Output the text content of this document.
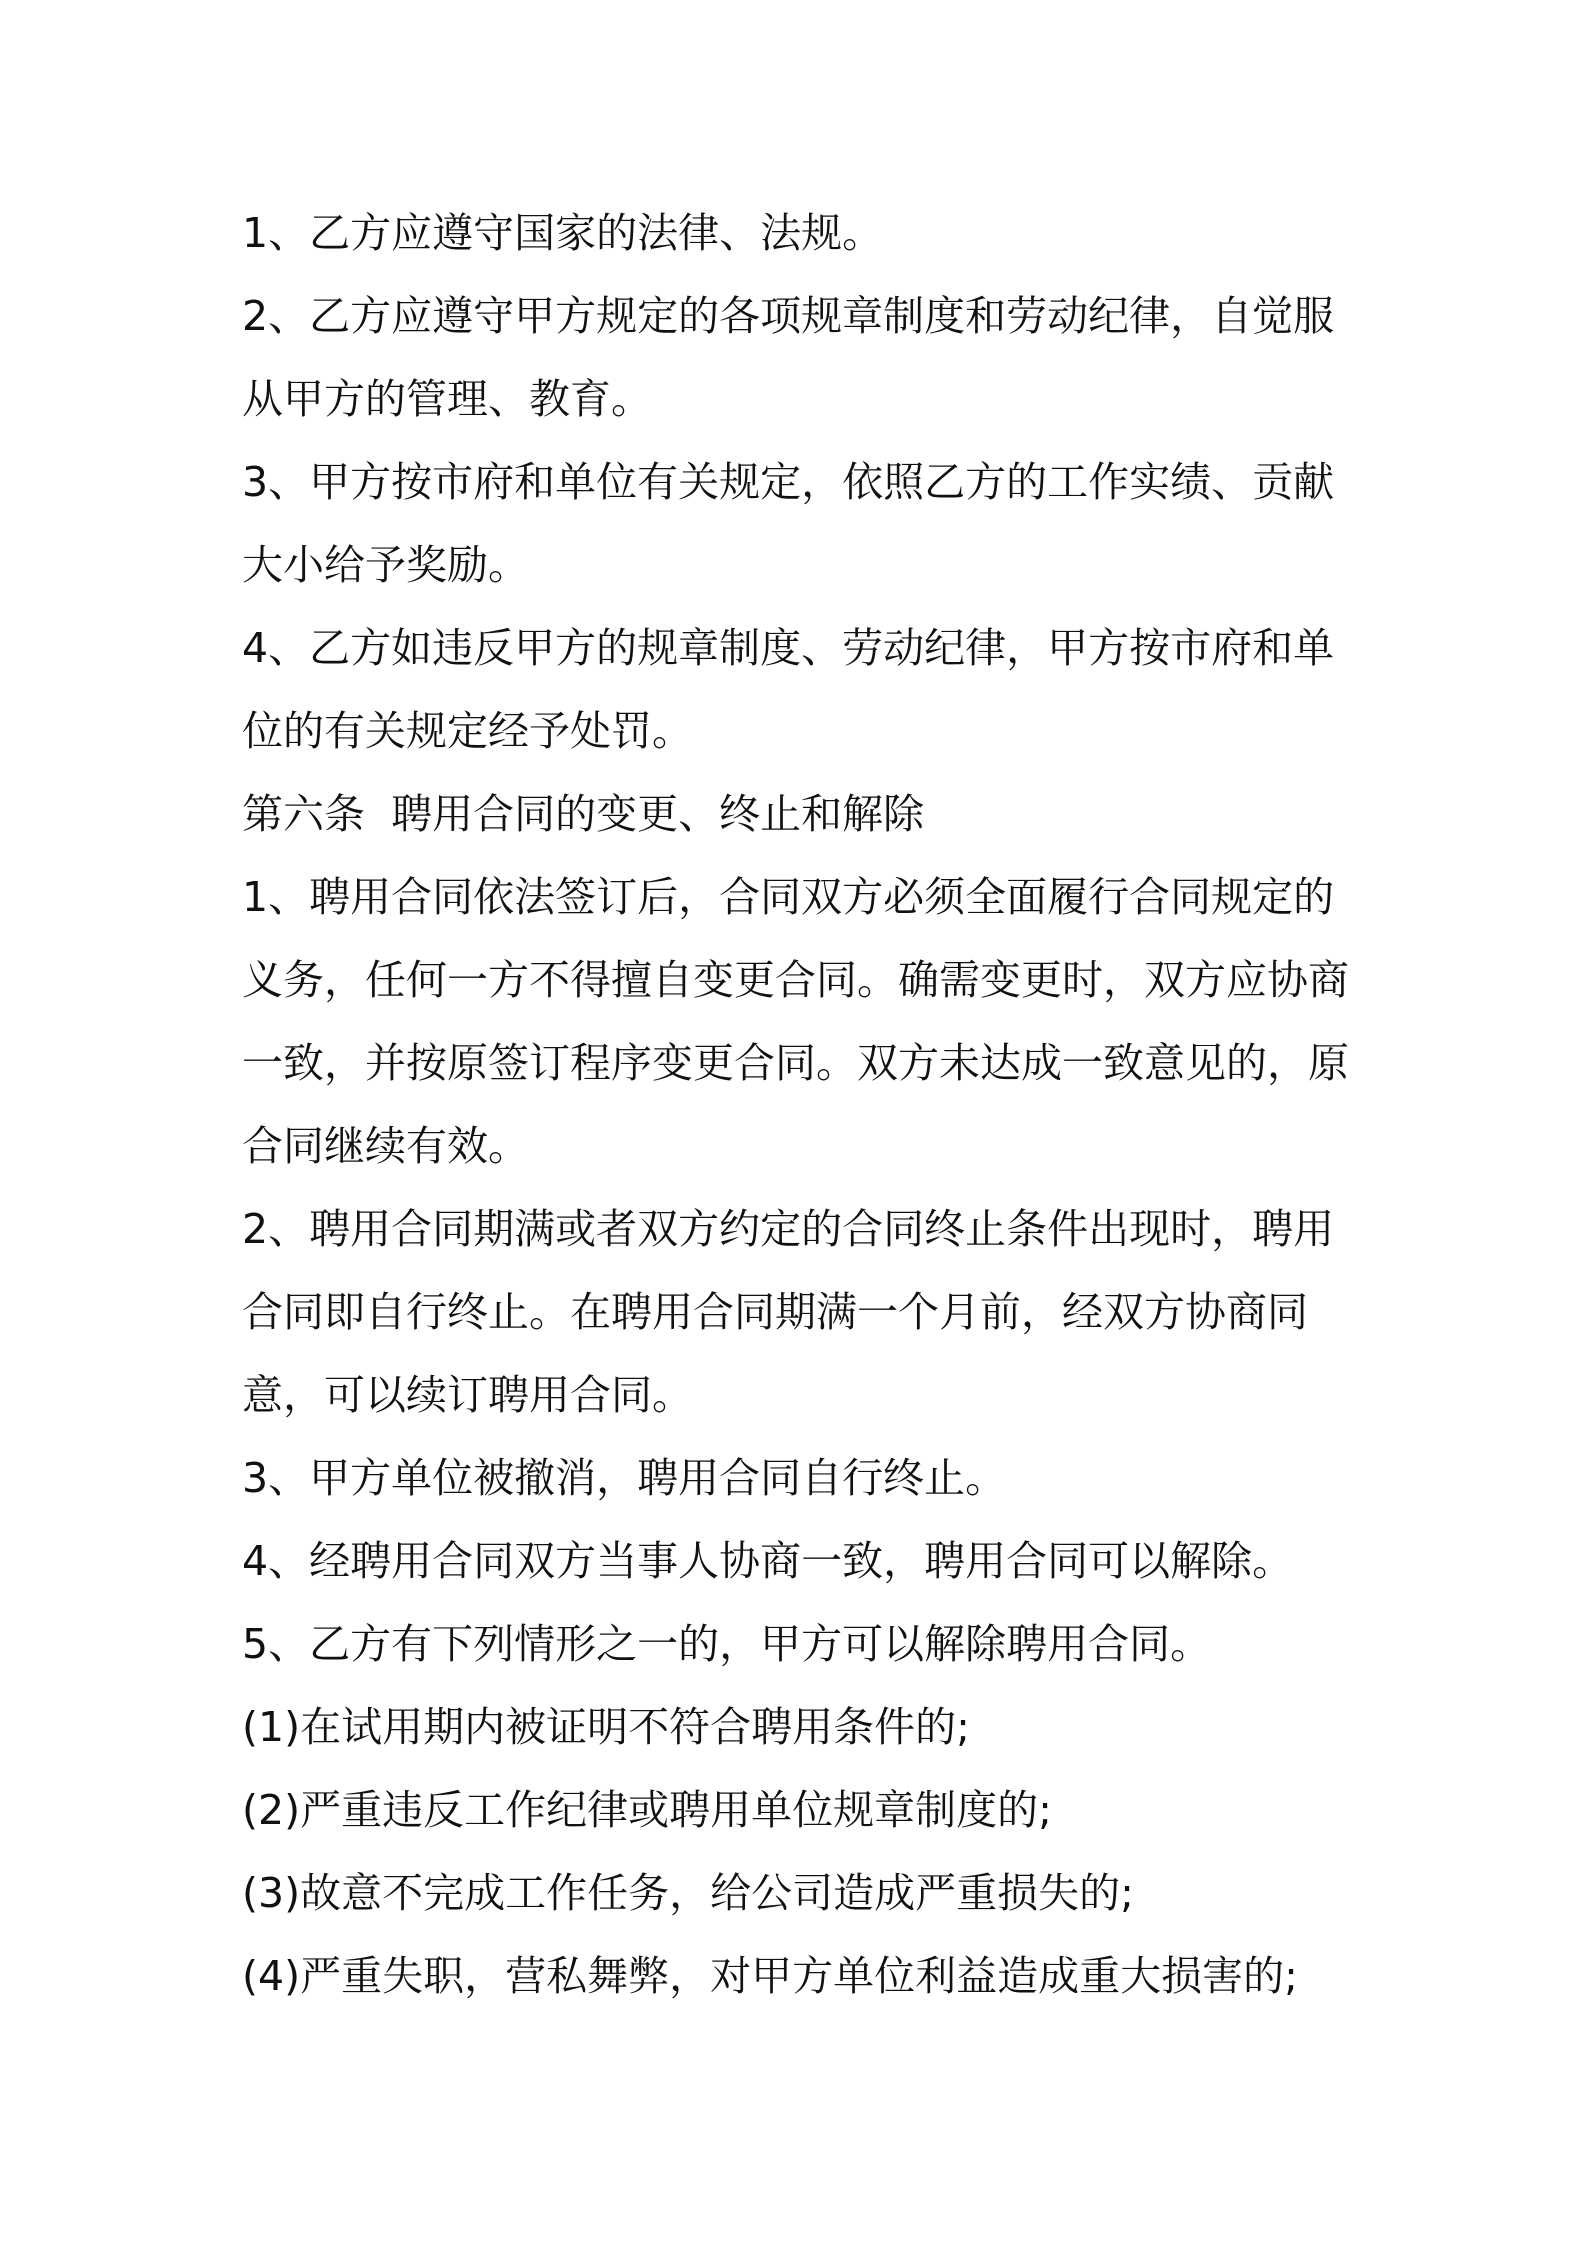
1、乙方应遵守国家的法律、法规。

2、乙方应遵守甲方规定的各项规章制度和劳动纪律，自觉服从甲方的管理、教育。

3、甲方按市府和单位有关规定，依照乙方的工作实绩、贡献大小给予奖励。

4、乙方如违反甲方的规章制度、劳动纪律，甲方按市府和单位的有关规定经予处罚。

第六条  聘用合同的变更、终止和解除

1、聘用合同依法签订后，合同双方必须全面履行合同规定的义务，任何一方不得擅自变更合同。确需变更时，双方应协商一致，并按原签订程序变更合同。双方未达成一致意见的，原合同继续有效。

2、聘用合同期满或者双方约定的合同终止条件出现时，聘用合同即自行终止。在聘用合同期满一个月前，经双方协商同意，可以续订聘用合同。

3、甲方单位被撤消，聘用合同自行终止。

4、经聘用合同双方当事人协商一致，聘用合同可以解除。

5、乙方有下列情形之一的，甲方可以解除聘用合同。

(1)在试用期内被证明不符合聘用条件的;

(2)严重违反工作纪律或聘用单位规章制度的;

(3)故意不完成工作任务，给公司造成严重损失的;

(4)严重失职，营私舞弊，对甲方单位利益造成重大损害的;
